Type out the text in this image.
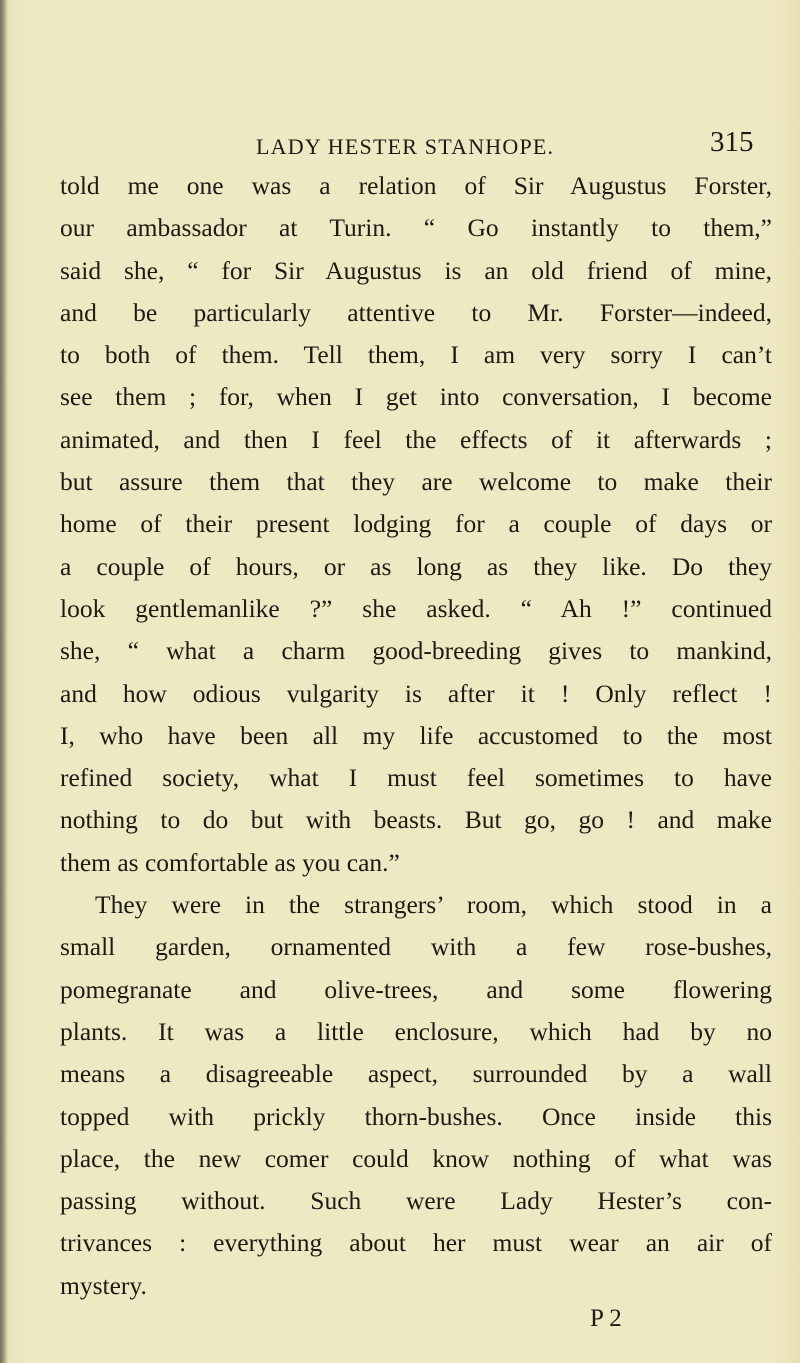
LADY HESTER STANHOPE.	315
told me one was a relation of Sir Augustus Forster,
our ambassador at Turin. “ Go instantly to them,”
said she, “ for Sir Augustus is an old friend of mine,
and be particularly attentive to Mr. Forster—indeed,
to both of them. Tell them, I am very sorry I can’t
see them ; for, when I get into conversation, I become
animated, and then I feel the effects of it afterwards ;
but assure them that they are welcome to make their
home of their present lodging for a couple of days or
a couple of hours, or as long as they like. Do they
look gentlemanlike ?” she asked. “ Ah !” continued
she, “ what a charm good-breeding gives to mankind,
and how odious vulgarity is after it ! Only reflect !
I, who have been all my life accustomed to the most
refined society, what I must feel sometimes to have
nothing to do but with beasts. But go, go ! and make
them as comfortable as you can.”
They were in the strangers’ room, which stood in a
small garden, ornamented with a few rose-bushes,
pomegranate and olive-trees, and some flowering
plants. It was a little enclosure, which had by no
means a disagreeable aspect, surrounded by a wall
topped with prickly thorn-bushes. Once inside this
place, the new comer could know nothing of what was
passing without. Such were Lady Hester’s con-
trivances : everything about her must wear an air of
mystery.
P 2
